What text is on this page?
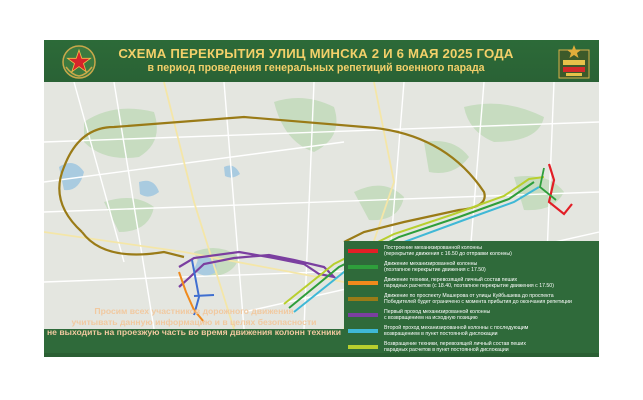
СХЕМА ПЕРЕКРЫТИЯ УЛИЦ МИНСКА 2 И 6 МАЯ 2025 ГОДА
в период проведения генеральных репетиций военного парада
Построение механизированной колонны
(перекрытие движения с 16.50 до отправки колонны)
Движение механизированной колонны
(поэтапное перекрытие движения с 17.50)
Движение техники, перевозящей личный состав пеших
парадных расчетов (с 18.40, поэтапное перекрытие движения с 17.50)
Движение по проспекту Машерова от улицы Куйбышева до проспекта
Победителей будет ограничено с момента прибытия до окончания репетиции
Первый проход механизированной колонны
с возвращением на исходную позицию
Второй проход механизированной колонны с последующим
возвращением в пункт постоянной дислокации
Возвращение техники, перевозящей личный состав пеших
парадных расчетов в пункт постоянной дислокации
Просим всех участников дорожного движения
учитывать данную информацию и в целях безопасности
не выходить на проезжую часть во время движения колонн техники
